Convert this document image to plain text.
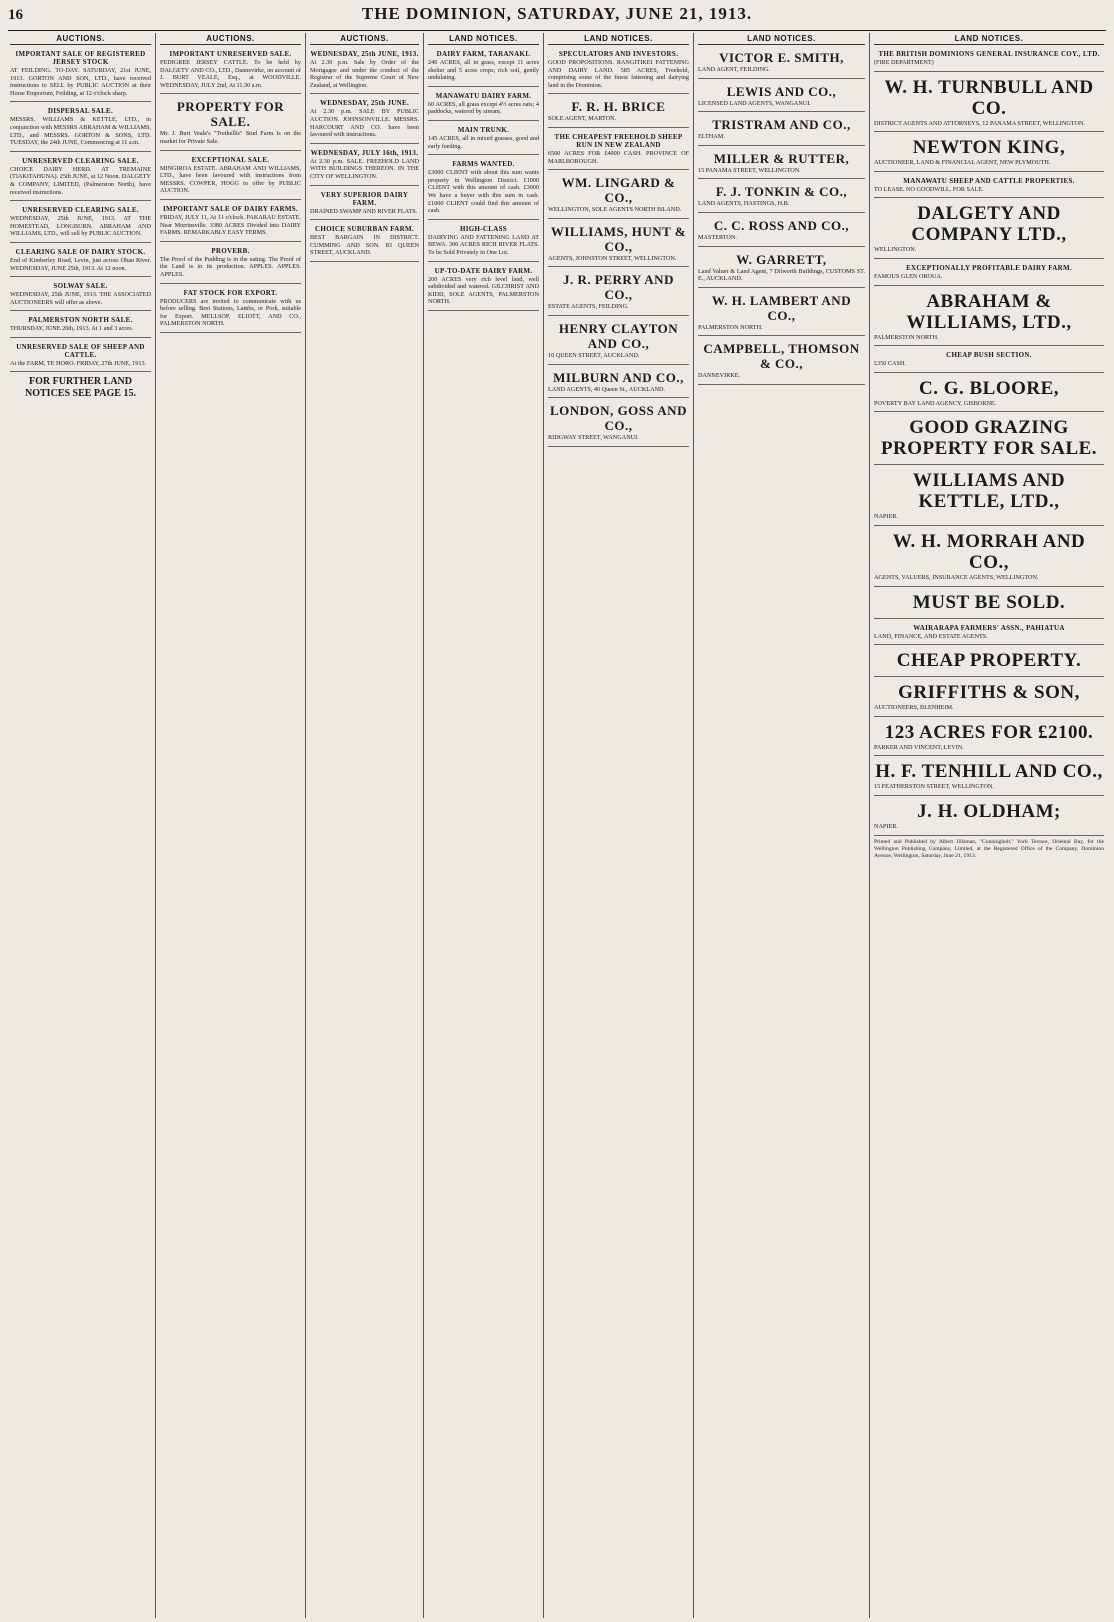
16	THE DOMINION, SATURDAY, JUNE 21, 1913.
AUCTIONS.
IMPORTANT SALE OF REGISTERED JERSEY STOCK

AT FEILDING. TO-DAY. SATURDAY, 21st JUNE, 1913. GORTON AND SON, LTD., have received instructions to SELL by PUBLIC AUCTION at their Horse Emporium, Feilding, at 12 o'clock sharp.

DISPERSAL SALE.

MESSRS. WILLIAMS & KETTLE, LTD., in conjunction with MESSRS ABRAHAM & WILLIAMS, LTD., and MESSRS. GORTON & SONS, LTD. TUESDAY, the 24th JUNE, Commencing at 11 a.m.

UNRESERVED CLEARING SALE.

CHOICE DAIRY HERD. AT TREMAINE (TIAKITAHUNA). 25th JUNE, at 12 Noon. DALGETY & COMPANY, LIMITED, (Palmerston North), have received instructions.

UNRESERVED CLEARING SALE.

WEDNESDAY, 25th JUNE, 1913. AT THE HOMESTEAD, LONGBURN. ABRAHAM AND WILLIAMS, LTD., will sell by PUBLIC AUCTION.

CLEARING SALE OF DAIRY STOCK.

End of Kimberley Road, Levin, just across Ohau River. WEDNESDAY, JUNE 25th, 1913. At 12 noon.

SOLWAY SALE.

WEDNESDAY, 25th JUNE, 1913. THE ASSOCIATED AUCTIONEERS will offer as above.

PALMERSTON NORTH SALE.

THURSDAY, JUNE 26th, 1913. At 1 and 3 acres.

UNRESERVED SALE OF SHEEP AND CATTLE.

At the FARM, TE HORO. FRIDAY, 27th JUNE, 1913.

FOR FURTHER LAND NOTICES SEE PAGE 15.
AUCTIONS.
IMPORTANT UNRESERVED SALE.

PEDIGREE JERSEY CATTLE. To be held by DALGETY AND CO., LTD., Dannevirke, on account of J. BURT VEALE, Esq., at WOODVILLE. WEDNESDAY, JULY 2nd, At 11.30 a.m.

PROPERTY FOR SALE.

Mr. J. Burt Veale's "Trethellis" Stud Farm is on the market for Private Sale.

EXCEPTIONAL SALE.

MINGIROA ESTATE. ABRAHAM AND WILLIAMS, LTD., have been favoured with instructions from MESSRS. COWPER, HOGG to offer by PUBLIC AUCTION.

IMPORTANT SALE OF DAIRY FARMS.

FRIDAY, JULY 11, At 11 o'clock. PAKARAU ESTATE. Near Morrinsville. 3380 ACRES Divided into DAIRY FARMS. REMARKABLY EASY TERMS.

PROVERB.

The Proof of the Pudding is in the eating. The Proof of the Land is in its production. APPLES. APPLES. APPLES.

FAT STOCK FOR EXPORT.

PRODUCERS are invited to communicate with us before selling. Best Stations, Lambs, or Pork, suitable for Export. MELLSOP, ELIOTT, AND CO., PALMERSTON NORTH.

AUCTIONS.
WEDNESDAY, 25th JUNE, 1913.

At 2.30 p.m. Sale by Order of the Mortgagee and under the conduct of the Registrar of the Supreme Court of New Zealand, at Wellington.

WEDNESDAY, 25th JUNE.

At 2.30 p.m. SALE BY PUBLIC AUCTION. JOHNSONVILLE. MESSRS. HARCOURT AND CO. have been favoured with instructions.

WEDNESDAY, JULY 16th, 1913.

At 2.30 p.m. SALE. FREEHOLD LAND WITH BUILDINGS THEREON. IN THE CITY OF WELLINGTON.

VERY SUPERIOR DAIRY FARM.

DRAINED SWAMP AND RIVER FLATS.

CHOICE SUBURBAN FARM.

BEST BARGAIN IN DISTRICT. CUMMING AND SON. 83 QUEEN STREET, AUCKLAND.

LAND NOTICES.
DAIRY FARM, TARANAKI.

240 ACRES, all in grass, except 11 acres shelter and 5 acres crops; rich soil, gently undulating.

MANAWATU DAIRY FARM.

60 ACRES, all grass except 4½ acres oats; 4 paddocks, watered by stream.

MAIN TRUNK.

145 ACRES, all in mixed grasses, good and early feeding.

FARMS WANTED.

£3000 CLIENT with about this sum wants property in Wellington District. £1000 CLIENT with this amount of cash. £3000 We have a buyer with this sum in cash. £1000 CLIENT could find this amount of cash.

HIGH-CLASS

DAIRYING AND FATTENING LAND AT BEWA. 300 ACRES RICH RIVER FLATS. To be Sold Privately in One Lot.

UP-TO-DATE DAIRY FARM.

200 ACRES very rich level land, well subdivided and watered. GILCHRIST AND KIDD, SOLE AGENTS, PALMERSTON NORTH.

LAND NOTICES.
SPECULATORS AND INVESTORS.

GOOD PROPOSITIONS. RANGITIKEI FATTENING AND DAIRY LAND. 585 ACRES, Freehold, comprising some of the finest fattening and dairying land in the Dominion.

F. R. H. BRICE

SOLE AGENT, MARTON.

THE CHEAPEST FREEHOLD SHEEP RUN IN NEW ZEALAND

6500 ACRES FOR £4000 CASH. PROVINCE OF MARLBOROUGH.

WM. LINGARD & CO.,

WELLINGTON, SOLE AGENTS NORTH ISLAND.

WILLIAMS, HUNT & CO.,

AGENTS, JOHNSTON STREET, WELLINGTON.

J. R. PERRY AND CO.,

ESTATE AGENTS, FEILDING.

HENRY CLAYTON AND CO.,

10 QUEEN STREET, AUCKLAND.

MILBURN AND CO.,

LAND AGENTS, 40 Queen St., AUCKLAND.

LONDON, GOSS AND CO.,

RIDGWAY STREET, WANGANUI.

LAND NOTICES.
VICTOR E. SMITH,

LAND AGENT, FEILDING.

LEWIS AND CO.,

LICENSED LAND AGENTS, WANGANUI.

TRISTRAM AND CO.,

ELTHAM.

MILLER & RUTTER,

15 PANAMA STREET, WELLINGTON.

F. J. TONKIN & CO.,

LAND AGENTS, HASTINGS, H.B.

C. C. ROSS AND CO.,

MASTERTON.

W. GARRETT,

Land Valuer & Land Agent, 7 Dilworth Buildings, CUSTOMS ST. E., AUCKLAND.

W. H. LAMBERT AND CO.,

PALMERSTON NORTH.

CAMPBELL, THOMSON & CO.,

DANNEVIRKE.

LAND NOTICES.
THE BRITISH DOMINIONS GENERAL INSURANCE COY., LTD.

(FIRE DEPARTMENT)

W. H. TURNBULL AND CO.

DISTRICT AGENTS AND ATTORNEYS, 12 PANAMA STREET, WELLINGTON.

NEWTON KING,

AUCTIONEER, LAND & FINANCIAL AGENT, NEW PLYMOUTH.

MANAWATU SHEEP AND CATTLE PROPERTIES.

TO LEASE. NO GOODWILL. FOR SALE.

DALGETY AND COMPANY LTD.,

WELLINGTON.

EXCEPTIONALLY PROFITABLE DAIRY FARM.

FAMOUS GLEN OROUA.

ABRAHAM & WILLIAMS, LTD.,

PALMERSTON NORTH.

CHEAP BUSH SECTION.

£350 CASH.

C. G. BLOORE,

POVERTY BAY LAND AGENCY, GISBORNE.

GOOD GRAZING PROPERTY FOR SALE.
WILLIAMS AND KETTLE, LTD.,

NAPIER.

W. H. MORRAH AND CO.,

AGENTS, VALUERS, INSURANCE AGENTS, WELLINGTON.

MUST BE SOLD.
WAIRARAPA FARMERS' ASSN., PAHIATUA

LAND, FINANCE, AND ESTATE AGENTS.

CHEAP PROPERTY.
GRIFFITHS & SON,

AUCTIONEERS, BLENHEIM.

123 ACRES FOR £2100.

PARKER AND VINCENT, LEVIN.

H. F. TENHILL AND CO.,

15 FEATHERSTON STREET, WELLINGTON.

J. H. OLDHAM;

NAPIER.

Printed and Published by Albert Jillsman, "Conningholt," York Terrace, Oriental Bay, for the Wellington Publishing Company, Limited, at the Registered Office of the Company, Dominion Avenue, Wellington, Saturday, June 21, 1913.
